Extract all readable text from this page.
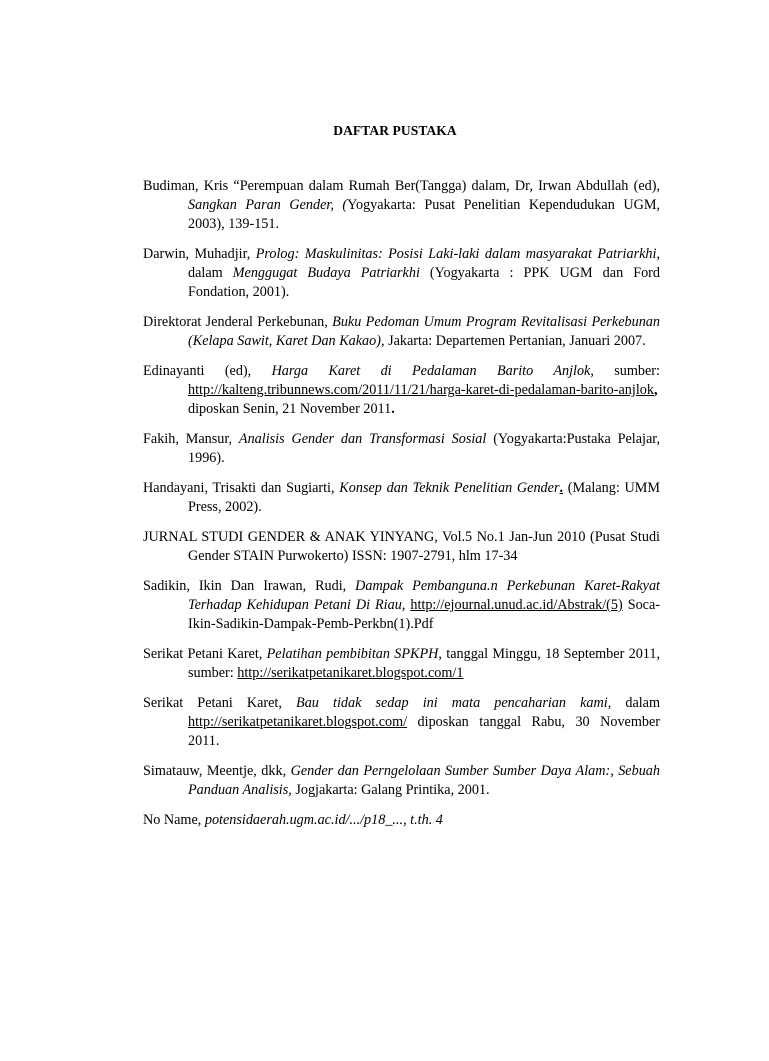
DAFTAR PUSTAKA

Budiman, Kris “Perempuan dalam Rumah Ber(Tangga) dalam, Dr, Irwan Abdullah (ed), Sangkan Paran Gender, (Yogyakarta: Pusat Penelitian Kependudukan UGM, 2003), 139-151.

Darwin, Muhadjir, Prolog: Maskulinitas: Posisi Laki-laki dalam masyarakat Patriarkhi, dalam Menggugat Budaya Patriarkhi (Yogyakarta : PPK UGM dan Ford Fondation, 2001).

Direktorat Jenderal Perkebunan, Buku Pedoman Umum Program Revitalisasi Perkebunan (Kelapa Sawit, Karet Dan Kakao), Jakarta: Departemen Pertanian, Januari 2007.

Edinayanti (ed), Harga Karet di Pedalaman Barito Anjlok, sumber: http://kalteng.tribunnews.com/2011/11/21/harga-karet-di-pedalaman-barito-anjlok, diposkan Senin, 21 November 2011.

Fakih, Mansur, Analisis Gender dan Transformasi Sosial (Yogyakarta:Pustaka Pelajar, 1996).

Handayani, Trisakti dan Sugiarti, Konsep dan Teknik Penelitian Gender. (Malang: UMM Press, 2002).

JURNAL STUDI GENDER & ANAK YINYANG, Vol.5 No.1 Jan-Jun 2010 (Pusat Studi Gender STAIN Purwokerto) ISSN: 1907-2791, hlm 17-34

Sadikin, Ikin Dan Irawan, Rudi, Dampak Pembanguna.n Perkebunan Karet-Rakyat Terhadap Kehidupan Petani Di Riau, http://ejournal.unud.ac.id/Abstrak/(5) Soca-Ikin-Sadikin-Dampak-Pemb-Perkbn(1).Pdf

Serikat Petani Karet, Pelatihan pembibitan SPKPH, tanggal Minggu, 18 September 2011, sumber: http://serikatpetanikaret.blogspot.com/1

Serikat Petani Karet, Bau tidak sedap ini mata pencaharian kami, dalam http://serikatpetanikaret.blogspot.com/ diposkan tanggal Rabu, 30 November 2011.

Simatauw, Meentje, dkk, Gender dan Perngelolaan Sumber Sumber Daya Alam:, Sebuah Panduan Analisis, Jogjakarta: Galang Printika, 2001.

No Name, potensidaerah.ugm.ac.id/.../p18_..., t.th. 4
